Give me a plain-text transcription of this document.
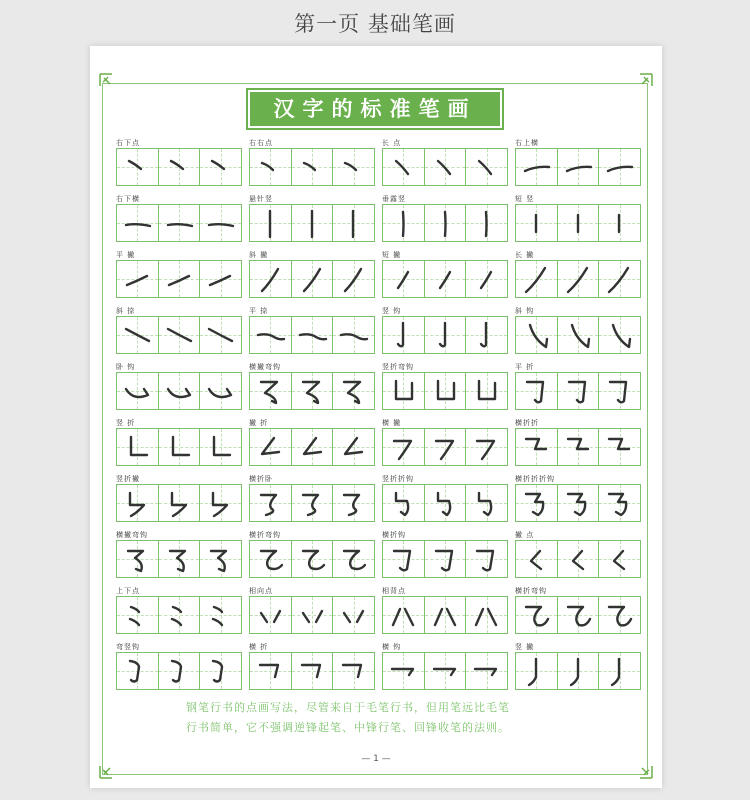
第一页 基础笔画
汉字的标准笔画
右下点	右右点	长 点	右上横
右下横	悬针竖	垂露竖	短 竖
平 撇	斜 撇	短 撇	长 撇
斜 捺	平 捺	竖 钩	斜 钩
卧 钩	横撇弯钩	竖折弯钩	平 折
竖 折	撇 折	横 撇	横折折
竖折撇	横折卧	竖折折钩	横折折折钩
横撇弯钩	横折弯钩	横折钩	撇 点
上下点	相向点	相背点	横折弯钩
弯竖钩	横 折	横 钩	竖 撇
钢笔行书的点画写法，尽管来自于毛笔行书，但用笔远比毛笔
行书简单，它不强调逆锋起笔、中锋行笔、回锋收笔的法则。
— 1 —
